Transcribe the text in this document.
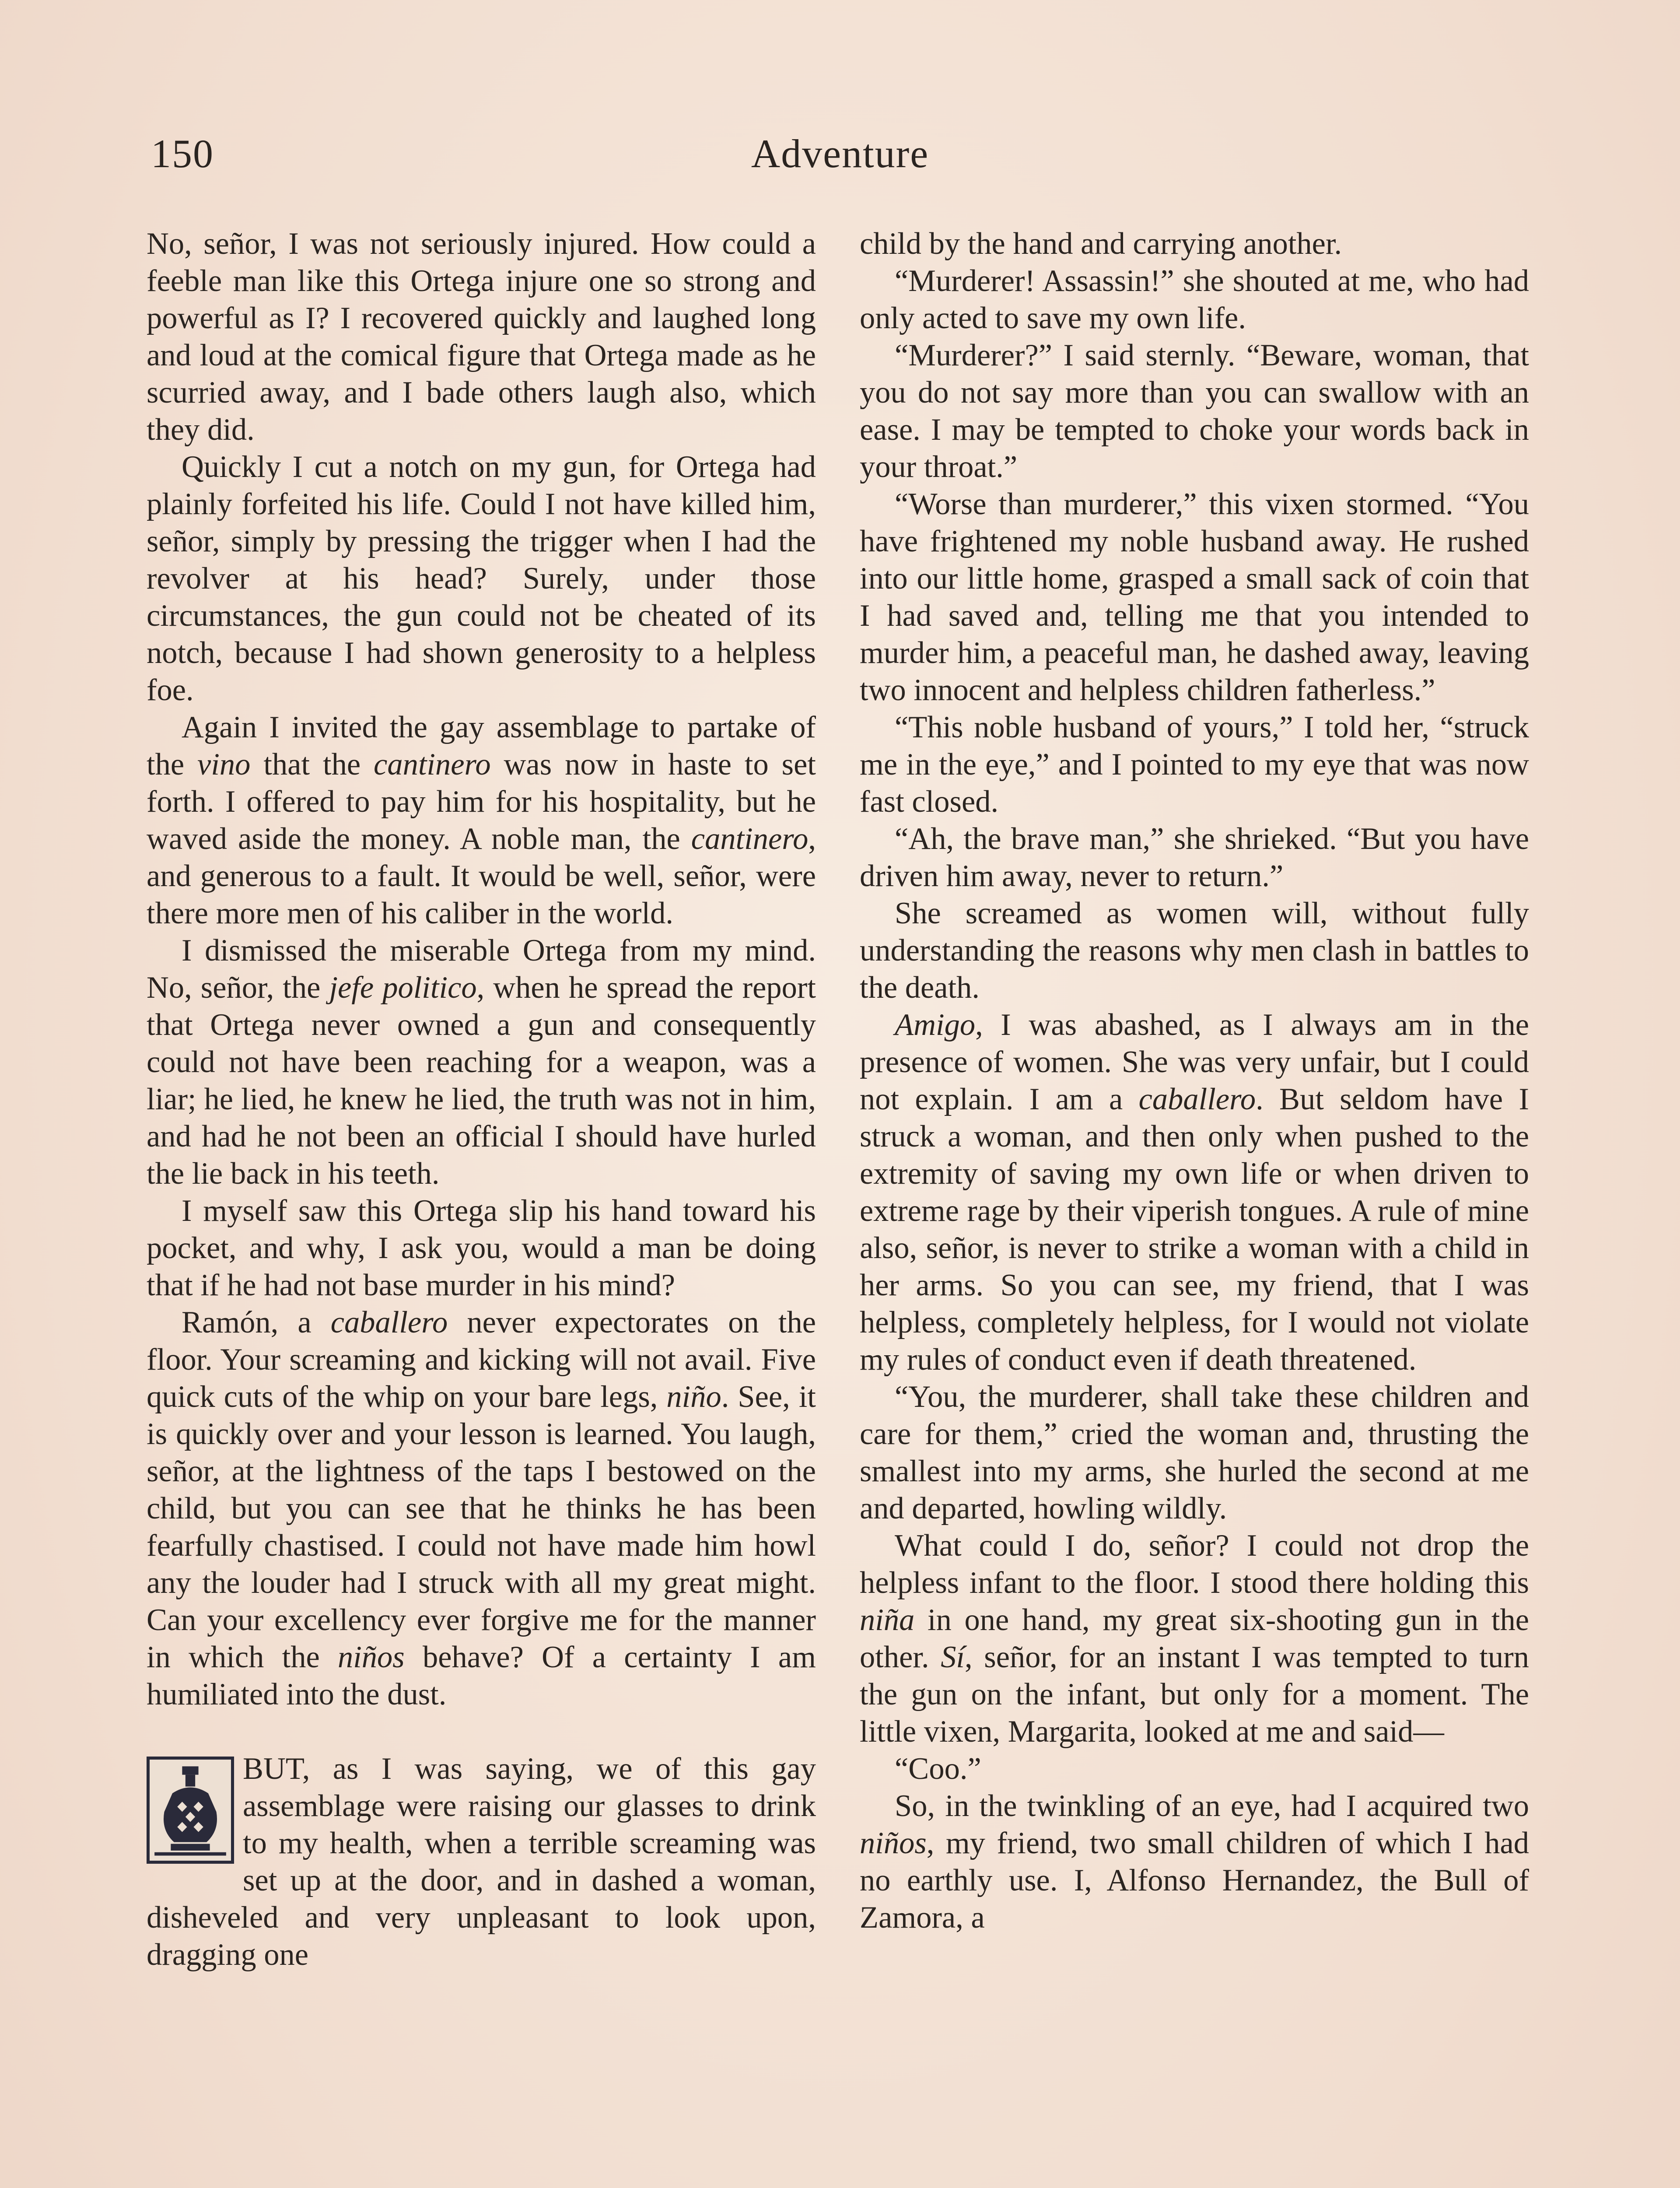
150	Adventure

No, señor, I was not seriously injured. How could a feeble man like this Ortega injure one so strong and powerful as I? I recovered quickly and laughed long and loud at the comical figure that Ortega made as he scurried away, and I bade others laugh also, which they did.

Quickly I cut a notch on my gun, for Ortega had plainly forfeited his life. Could I not have killed him, señor, simply by pressing the trigger when I had the revolver at his head? Surely, under those circumstances, the gun could not be cheated of its notch, because I had shown generosity to a helpless foe.

Again I invited the gay assemblage to partake of the vino that the cantinero was now in haste to set forth. I offered to pay him for his hospitality, but he waved aside the money. A noble man, the cantinero, and generous to a fault. It would be well, señor, were there more men of his caliber in the world.

I dismissed the miserable Ortega from my mind. No, señor, the jefe politico, when he spread the report that Ortega never owned a gun and consequently could not have been reaching for a weapon, was a liar; he lied, he knew he lied, the truth was not in him, and had he not been an official I should have hurled the lie back in his teeth.

I myself saw this Ortega slip his hand toward his pocket, and why, I ask you, would a man be doing that if he had not base murder in his mind?

Ramón, a caballero never expectorates on the floor. Your screaming and kicking will not avail. Five quick cuts of the whip on your bare legs, niño. See, it is quickly over and your lesson is learned. You laugh, señor, at the lightness of the taps I bestowed on the child, but you can see that he thinks he has been fearfully chastised. I could not have made him howl any the louder had I struck with all my great might. Can your excellency ever forgive me for the manner in which the niños behave? Of a certainty I am humiliated into the dust.

BUT, as I was saying, we of this gay assemblage were raising our glasses to drink to my health, when a terrible screaming was set up at the door, and in dashed a woman, disheveled and very unpleasant to look upon, dragging one

child by the hand and carrying another.

“Murderer! Assassin!” she shouted at me, who had only acted to save my own life.

“Murderer?” I said sternly. “Beware, woman, that you do not say more than you can swallow with an ease. I may be tempted to choke your words back in your throat.”

“Worse than murderer,” this vixen stormed. “You have frightened my noble husband away. He rushed into our little home, grasped a small sack of coin that I had saved and, telling me that you intended to murder him, a peaceful man, he dashed away, leaving two innocent and helpless children fatherless.”

“This noble husband of yours,” I told her, “struck me in the eye,” and I pointed to my eye that was now fast closed.

“Ah, the brave man,” she shrieked. “But you have driven him away, never to return.”

She screamed as women will, without fully understanding the reasons why men clash in battles to the death.

Amigo, I was abashed, as I always am in the presence of women. She was very unfair, but I could not explain. I am a caballero. But seldom have I struck a woman, and then only when pushed to the extremity of saving my own life or when driven to extreme rage by their viperish tongues. A rule of mine also, señor, is never to strike a woman with a child in her arms. So you can see, my friend, that I was helpless, completely helpless, for I would not violate my rules of conduct even if death threatened.

“You, the murderer, shall take these children and care for them,” cried the woman and, thrusting the smallest into my arms, she hurled the second at me and departed, howling wildly.

What could I do, señor? I could not drop the helpless infant to the floor. I stood there holding this niña in one hand, my great six-shooting gun in the other. Sí, señor, for an instant I was tempted to turn the gun on the infant, but only for a moment. The little vixen, Margarita, looked at me and said—

“Coo.”

So, in the twinkling of an eye, had I acquired two niños, my friend, two small children of which I had no earthly use. I, Alfonso Hernandez, the Bull of Zamora, a
